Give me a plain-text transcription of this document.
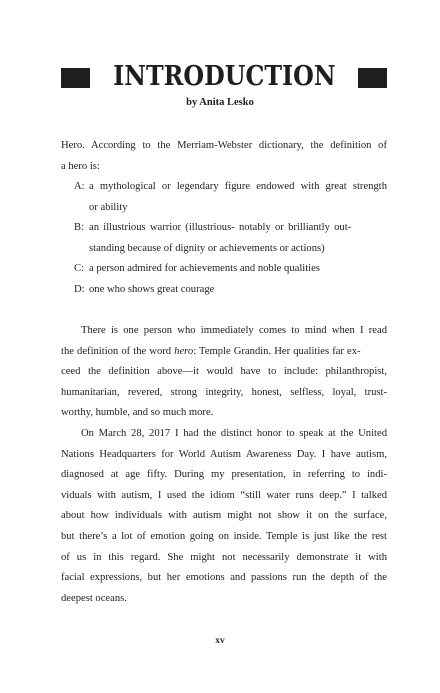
INTRODUCTION
by Anita Lesko
Hero. According to the Merriam-Webster dictionary, the definition of
a hero is:
A: a mythological or legendary figure endowed with great strength
or ability
B: an illustrious warrior (illustrious- notably or brilliantly out-
standing because of dignity or achievements or actions)
C: a person admired for achievements and noble qualities
D: one who shows great courage
There is one person who immediately comes to mind when I read
the definition of the word hero: Temple Grandin. Her qualities far ex-
ceed the definition above—it would have to include: philanthropist,
humanitarian, revered, strong integrity, honest, selfless, loyal, trust-
worthy, humble, and so much more.
On March 28, 2017 I had the distinct honor to speak at the United
Nations Headquarters for World Autism Awareness Day. I have autism,
diagnosed at age fifty. During my presentation, in referring to indi-
viduals with autism, I used the idiom “still water runs deep.” I talked
about how individuals with autism might not show it on the surface,
but there’s a lot of emotion going on inside. Temple is just like the rest
of us in this regard. She might not necessarily demonstrate it with
facial expressions, but her emotions and passions run the depth of the
deepest oceans.
xv
